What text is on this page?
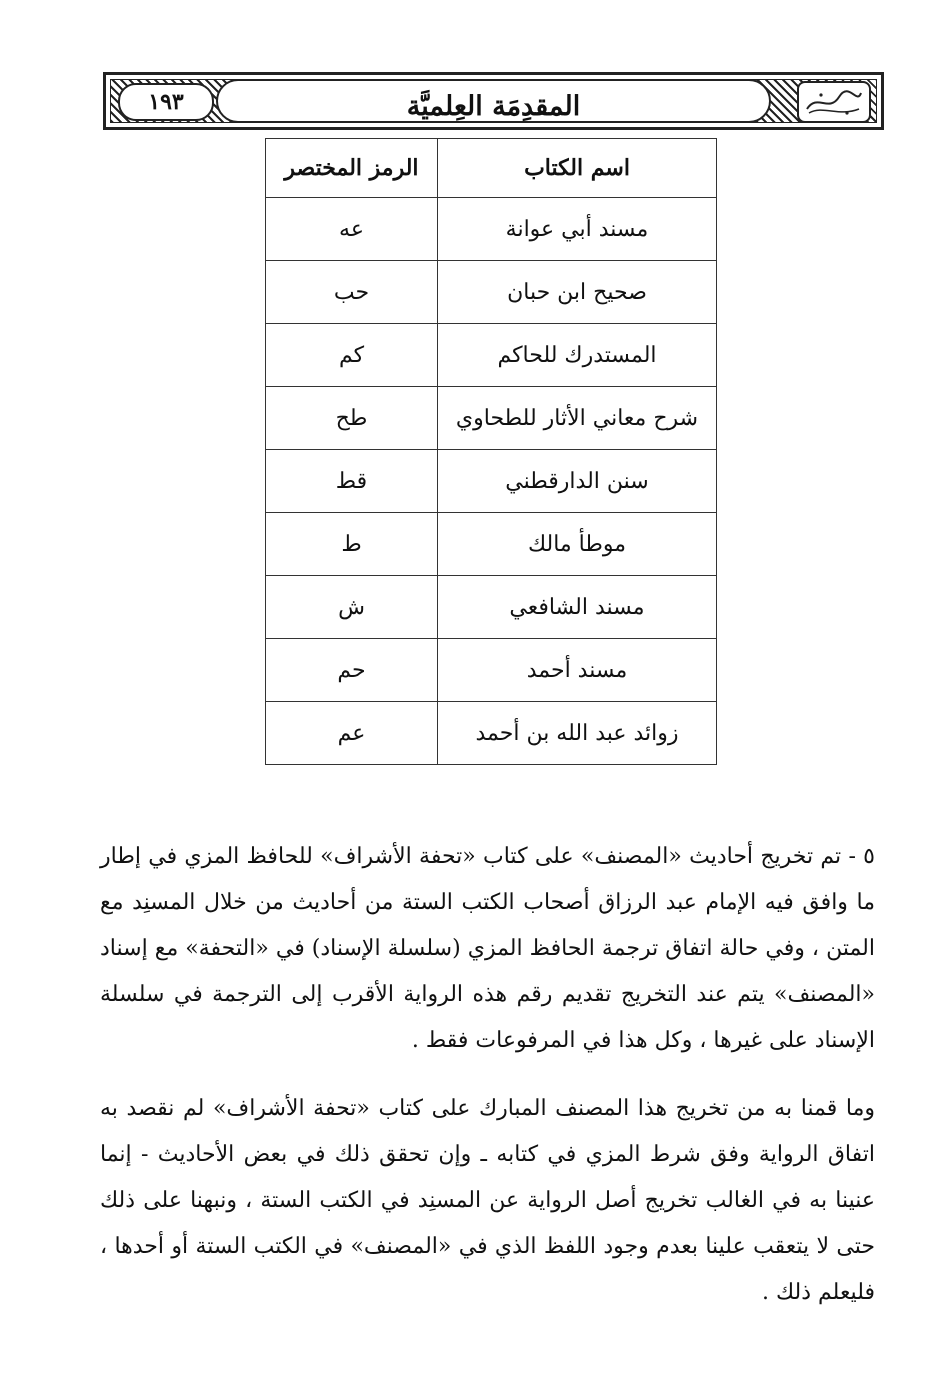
المقدِمَة العِلميَّة
١٩٣
اسم الكتاب	الرمز المختصر
مسند أبي عوانة	عه
صحيح ابن حبان	حب
المستدرك للحاكم	كم
شرح معاني الأثار للطحاوي	طح
سنن الدارقطني	قط
موطأ مالك	ط
مسند الشافعي	ش
مسند أحمد	حم
زوائد عبد الله بن أحمد	عم

٥ - تم تخريج أحاديث «المصنف» على كتاب «تحفة الأشراف» للحافظ المزي في إطار ما وافق فيه الإمام عبد الرزاق أصحاب الكتب الستة من أحاديث من خلال المسنِد مع المتن ، وفي حالة اتفاق ترجمة الحافظ المزي (سلسلة الإسناد) في «التحفة» مع إسناد «المصنف» يتم عند التخريج تقديم رقم هذه الرواية الأقرب إلى الترجمة في سلسلة الإسناد على غيرها ، وكل هذا في المرفوعات فقط .

وما قمنا به من تخريج هذا المصنف المبارك على كتاب «تحفة الأشراف» لم نقصد به اتفاق الرواية وفق شرط المزي في كتابه ـ وإن تحقق ذلك في بعض الأحاديث - إنما عنينا به في الغالب تخريج أصل الرواية عن المسنِد في الكتب الستة ، ونبهنا على ذلك حتى لا يتعقب علينا بعدم وجود اللفظ الذي في «المصنف» في الكتب الستة أو أحدها ، فليعلم ذلك .
